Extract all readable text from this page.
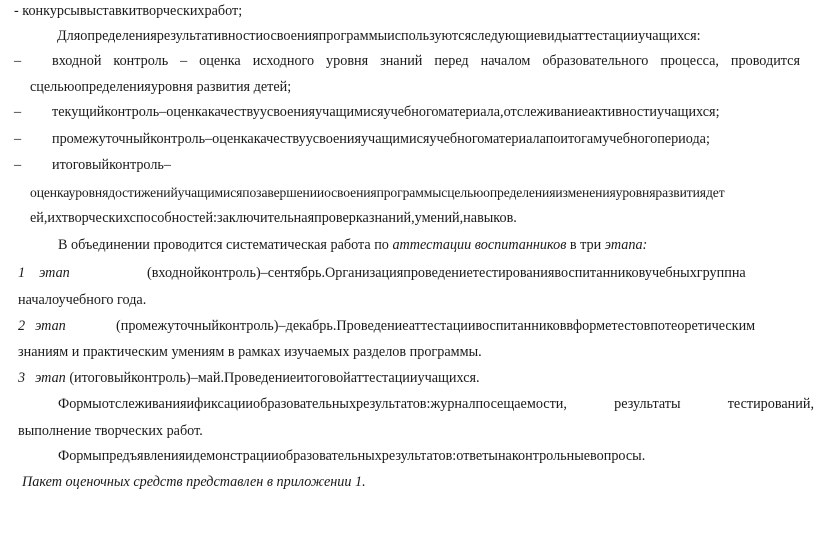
- конкурсывыставкитворческихработ;
Дляопределениярезультативностиосвоенияпрограммыиспользуютсяследующиевидыаттестацииучащихся:
– входной контроль – оценка исходного уровня знаний перед началом образовательного процесса, проводится
сцельюопределенияуровня развития детей;
– текущийконтроль–оценкакачествуусвоенияучащимисяучебногоматериала,отслеживаниеактивностиучащихся;
– промежуточныйконтроль–оценкакачествуусвоенияучащимисяучебногоматериалапоитогамучебногопериода;
– итоговыйконтроль–
оценкауровнядостиженийучащимисяпозавершенииосвоенияпрограммысцельюопределенияизмененияуровняразвитиядет
ей,ихтворческихспособностей:заключительнаяпроверказнаний,умений,навыков.
В объединении проводится систематическая работа по аттестации воспитанников в три этапа:
1 этап	(входнойконтроль)–сентябрь.Организацияпроведениетестированиявоспитанниковучебныхгруппна
началоучебного года.
2 этап	(промежуточныйконтроль)–декабрь.Проведениеаттестациивоспитанниковвформетестовпотеоретическим
знаниям и практическим умениям в рамках изучаемых разделов программы.
3 этап (итоговыйконтроль)–май.Проведениеитоговойаттестацииучащихся.
Формыотслеживанияификсацииобразовательныхрезультатов:журналпосещаемости, результаты тестирований,
выполнение творческих работ.
Формыпредъявленияидемонстрацииобразовательныхрезультатов:ответынаконтрольныевопросы.
Пакет оценочных средств представлен в приложении 1.
